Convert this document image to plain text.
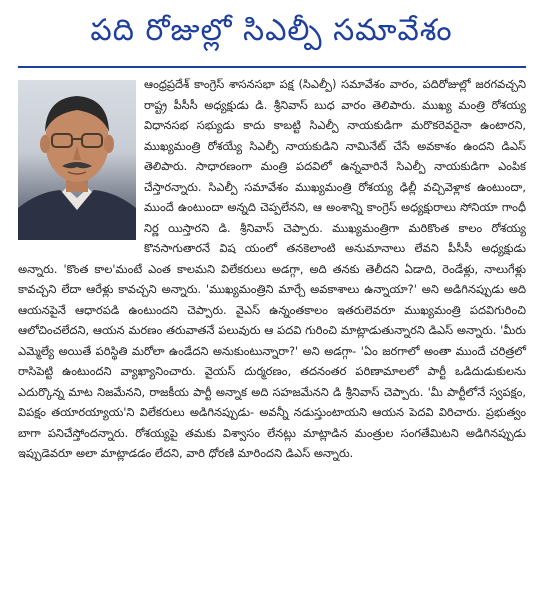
పది రోజుల్లో సిఎల్పీ సమావేశం

ఆంధ్రప్రదేశ్ కాంగ్రెస్ శాసనసభా పక్ష (సిఎల్పీ) సమావేశం వారం, పదిరోజుల్లో జరగవచ్చని రాష్ట్ర పీసీసీ అధ్యక్షుడు డి. శ్రీనివాస్ బుధ వారం తెలిపారు. ముఖ్య మంత్రి రోశయ్య విధానసభ సభ్యుడు కాదు కాబట్టి సిఎల్పీ నాయకుడిగా మరొకరెవరైనా ఉంటారని, ముఖ్యమంత్రి రోశయ్యే సిఎల్పీ నాయకుడిని నామినేట్ చేసే అవకాశం ఉందని డిఎస్ తెలిపారు. సాధారణంగా మంత్రి పదవిలో ఉన్నవారినే సిఎల్పీ నాయకుడిగా ఎంపిక చేస్తారన్నారు. సిఎల్పీ సమావేశం ముఖ్యమంత్రి రోశయ్య ఢిల్లీ వచ్చివెళ్లాక ఉంటుందా, ముందే ఉంటుందా అన్నది చెప్పలేనని, ఆ అంశాన్ని కాంగ్రెస్ అధ్యక్షురాలు సోనియా గాంధీ నిర్ణ యిస్తారని డి. శ్రీనివాస్ చెప్పారు. ముఖ్యమంత్రిగా మరికొంత కాలం రోశయ్య కొనసాగుతారనే విష యంలో తనకెలాంటి అనుమానాలు లేవని పీసీసీ అధ్యక్షుడు అన్నారు. 'కొంత కాల'మంటే ఎంత కాలమని విలేకరులు అడగ్గా, అది తనకు తెలీదని ఏడాది, రెండేళ్లు, నాలుగేళ్లు కావచ్చని లేదా ఆరేళ్లు కావచ్చని అన్నారు. 'ముఖ్యమంత్రిని మార్చే అవకాశాలు ఉన్నాయా?' అని అడిగినప్పుడు అది ఆయనపైనే ఆధారపడి ఉంటుందని చెప్పారు. వైఎస్ ఉన్నంతకాలం ఇతరులెవరూ ముఖ్యమంత్రి పదవిగురించి ఆలోచించలేదని, ఆయన మరణం తరువాతనే పలువురు ఆ పదవి గురించి మాట్లాడుతున్నారని డిఎస్ అన్నారు. 'మీరు ఎమ్మెల్యే అయితే పరిస్థితి మరోలా ఉండేదని అనుకుంటున్నారా?' అని అడగ్గా- 'ఏం జరగాలో అంతా ముందే చరిత్రలో రాసిపెట్టి ఉంటుందని వ్యాఖ్యానించారు. వైయస్ దుర్మరణం, తదనంతర పరిణామాలలో పార్టీ ఒడిదుడుకులను ఎదుర్కొన్న మాట నిజమేనని, రాజకీయ పార్టీ అన్నాక అది సహజమేనని డి శ్రీనివాస్ చెప్పారు. 'మీ పార్టీలోనే స్వపక్షం, విపక్షం తయారయ్యాయ'ని విలేకరులు అడిగినప్పుడు- అవన్నీ నడుస్తుంటాయని ఆయన పెదవి విరిచారు. ప్రభుత్వం బాగా పనిచేస్తోందన్నారు. రోశయ్యపై తమకు విశ్వాసం లేనట్లు మాట్లాడిన మంత్రుల సంగతేమిటని అడిగినప్పుడు ఇప్పుడెవరూ అలా మాట్లాడడం లేదని, వారి ధోరణి మారిందని డిఎస్ అన్నారు.
